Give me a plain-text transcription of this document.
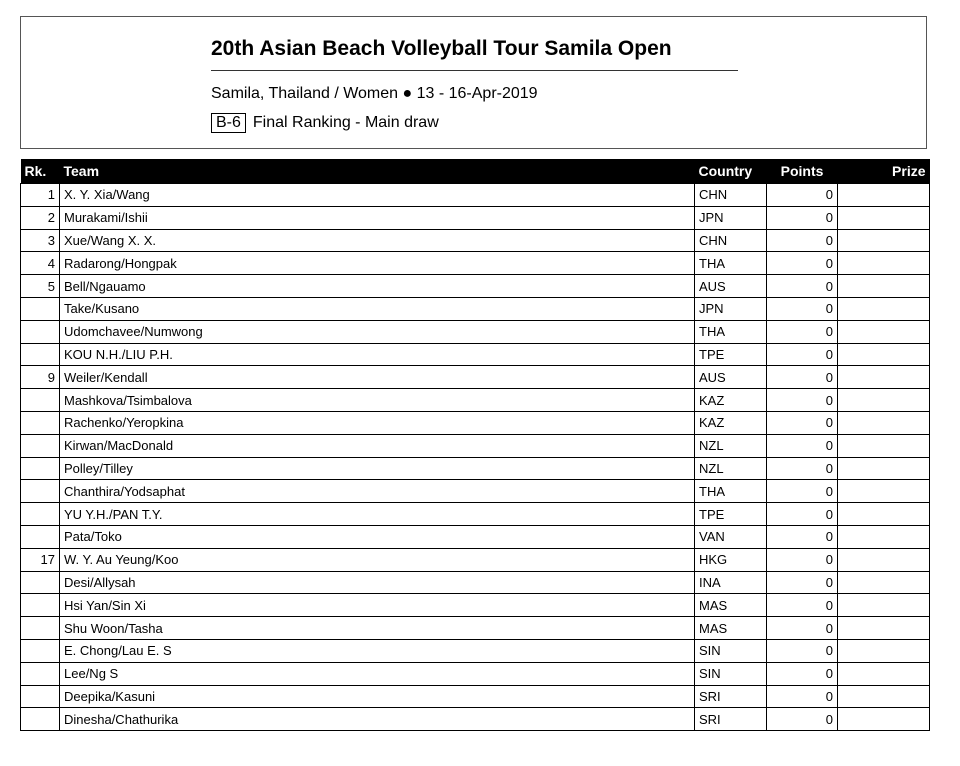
20th Asian Beach Volleyball Tour Samila Open
Samila, Thailand / Women ● 13 - 16-Apr-2019
B-6 Final Ranking - Main draw
Rk.	Team	Country	Points	Prize
1	X. Y. Xia/Wang	CHN	0	
2	Murakami/Ishii	JPN	0	
3	Xue/Wang X. X.	CHN	0	
4	Radarong/Hongpak	THA	0	
5	Bell/Ngauamo	AUS	0	
	Take/Kusano	JPN	0	
	Udomchavee/Numwong	THA	0	
	KOU N.H./LIU P.H.	TPE	0	
9	Weiler/Kendall	AUS	0	
	Mashkova/Tsimbalova	KAZ	0	
	Rachenko/Yeropkina	KAZ	0	
	Kirwan/MacDonald	NZL	0	
	Polley/Tilley	NZL	0	
	Chanthira/Yodsaphat	THA	0	
	YU Y.H./PAN T.Y.	TPE	0	
	Pata/Toko	VAN	0	
17	W. Y. Au Yeung/Koo	HKG	0	
	Desi/Allysah	INA	0	
	Hsi Yan/Sin Xi	MAS	0	
	Shu Woon/Tasha	MAS	0	
	E. Chong/Lau E. S	SIN	0	
	Lee/Ng S	SIN	0	
	Deepika/Kasuni	SRI	0	
	Dinesha/Chathurika	SRI	0	
